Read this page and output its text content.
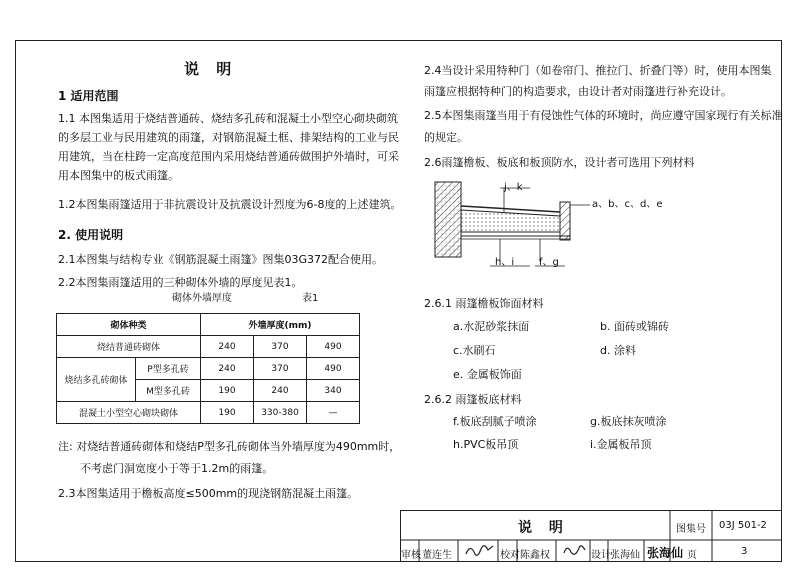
说 明
1 适用范围
1.1 本图集适用于烧结普通砖、烧结多孔砖和混凝土小型空心砌块砌筑
的多层工业与民用建筑的雨篷，对钢筋混凝土框、排架结构的工业与民
用建筑，当在柱跨一定高度范围内采用烧结普通砖做围护外墙时，可采
用本图集中的板式雨篷。
1.2本图集雨篷适用于非抗震设计及抗震设计烈度为6-8度的上述建筑。
2. 使用说明
2.1本图集与结构专业《钢筋混凝土雨篷》图集03G372配合使用。
2.2本图集雨篷适用的三种砌体外墙的厚度见表1。
砌体外墙厚度	表1
砌体种类		外墙厚度(mm)		
烧结普通砖砌体		240	370	490
烧结多孔砖砌体	P型多孔砖	240	370	490
	M型多孔砖	190	240	340
混凝土小型空心砌块砌体		190	330-380	—
注: 对烧结普通砖砌体和烧结P型多孔砖砌体当外墙厚度为490mm时，
不考虑门洞宽度小于等于1.2m的雨篷。
2.3本图集适用于檐板高度≤500mm的现浇钢筋混凝土雨篷。
2.4当设计采用特种门（如卷帘门、推拉门、折叠门等）时，使用本图集
雨篷应根据特种门的构造要求，由设计者对雨篷进行补充设计。
2.5本图集雨篷当用于有侵蚀性气体的环境时，尚应遵守国家现行有关标准
的规定。
2.6雨篷檐板、板底和板顶防水，设计者可选用下列材料
j、k
a、b、c、d、e
h、i f、g
2.6.1 雨篷檐板饰面材料
a.水泥砂浆抹面	b. 面砖或锦砖
c.水刷石	d. 涂料
e. 金属板饰面
2.6.2 雨篷板底材料
f.板底刮腻子喷涂	g.板底抹灰喷涂
h.PVC板吊顶	i.金属板吊顶
说 明	图集号 03J 501-2
审核 董连生	校对 陈鑫权	设计 张海仙 张海仙 页	3
